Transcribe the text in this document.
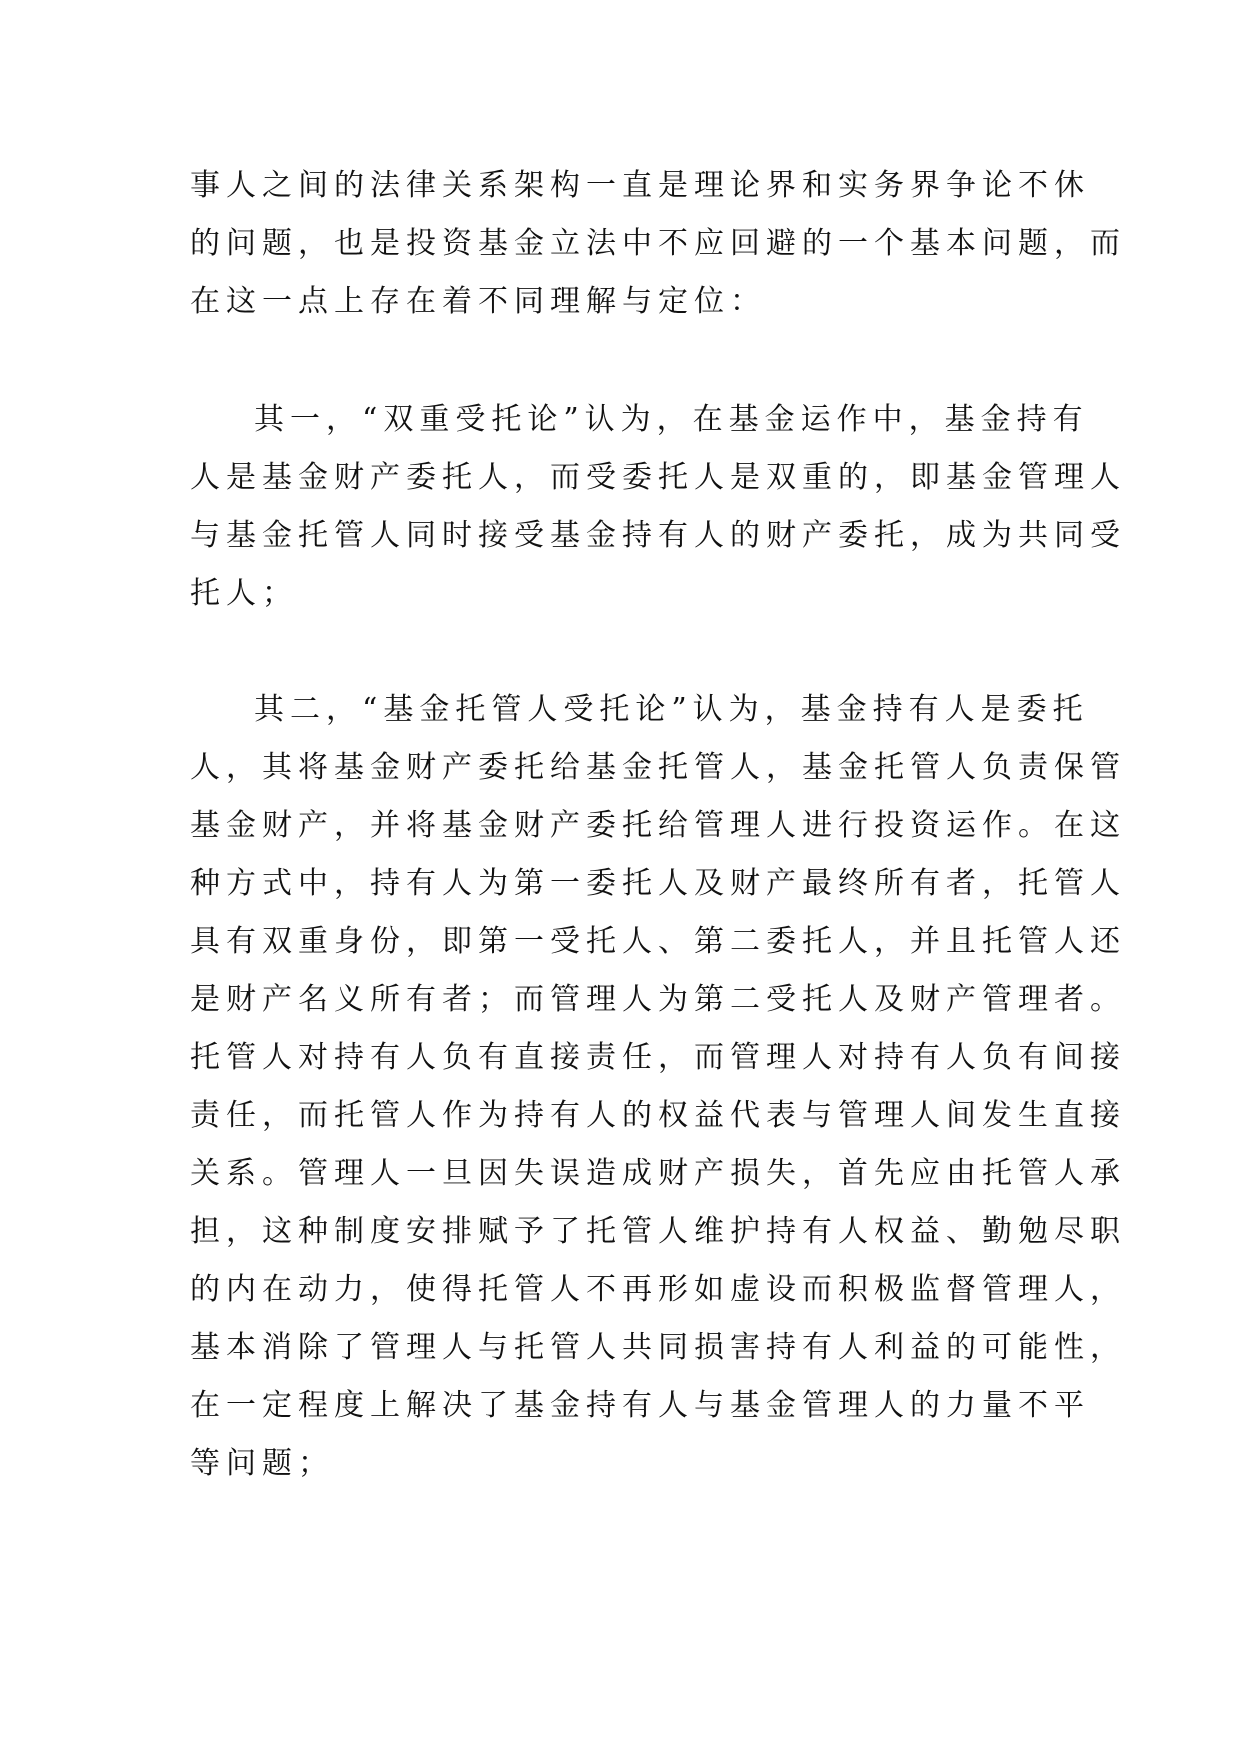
事人之间的法律关系架构一直是理论界和实务界争论不休
的问题，也是投资基金立法中不应回避的一个基本问题，而
在这一点上存在着不同理解与定位：
其一，“双重受托论”认为，在基金运作中，基金持有
人是基金财产委托人，而受委托人是双重的，即基金管理人
与基金托管人同时接受基金持有人的财产委托，成为共同受
托人；
其二，“基金托管人受托论”认为，基金持有人是委托
人，其将基金财产委托给基金托管人，基金托管人负责保管
基金财产，并将基金财产委托给管理人进行投资运作。在这
种方式中，持有人为第一委托人及财产最终所有者，托管人
具有双重身份，即第一受托人、第二委托人，并且托管人还
是财产名义所有者；而管理人为第二受托人及财产管理者。
托管人对持有人负有直接责任，而管理人对持有人负有间接
责任，而托管人作为持有人的权益代表与管理人间发生直接
关系。管理人一旦因失误造成财产损失，首先应由托管人承
担，这种制度安排赋予了托管人维护持有人权益、勤勉尽职
的内在动力，使得托管人不再形如虚设而积极监督管理人，
基本消除了管理人与托管人共同损害持有人利益的可能性，
在一定程度上解决了基金持有人与基金管理人的力量不平
等问题；
